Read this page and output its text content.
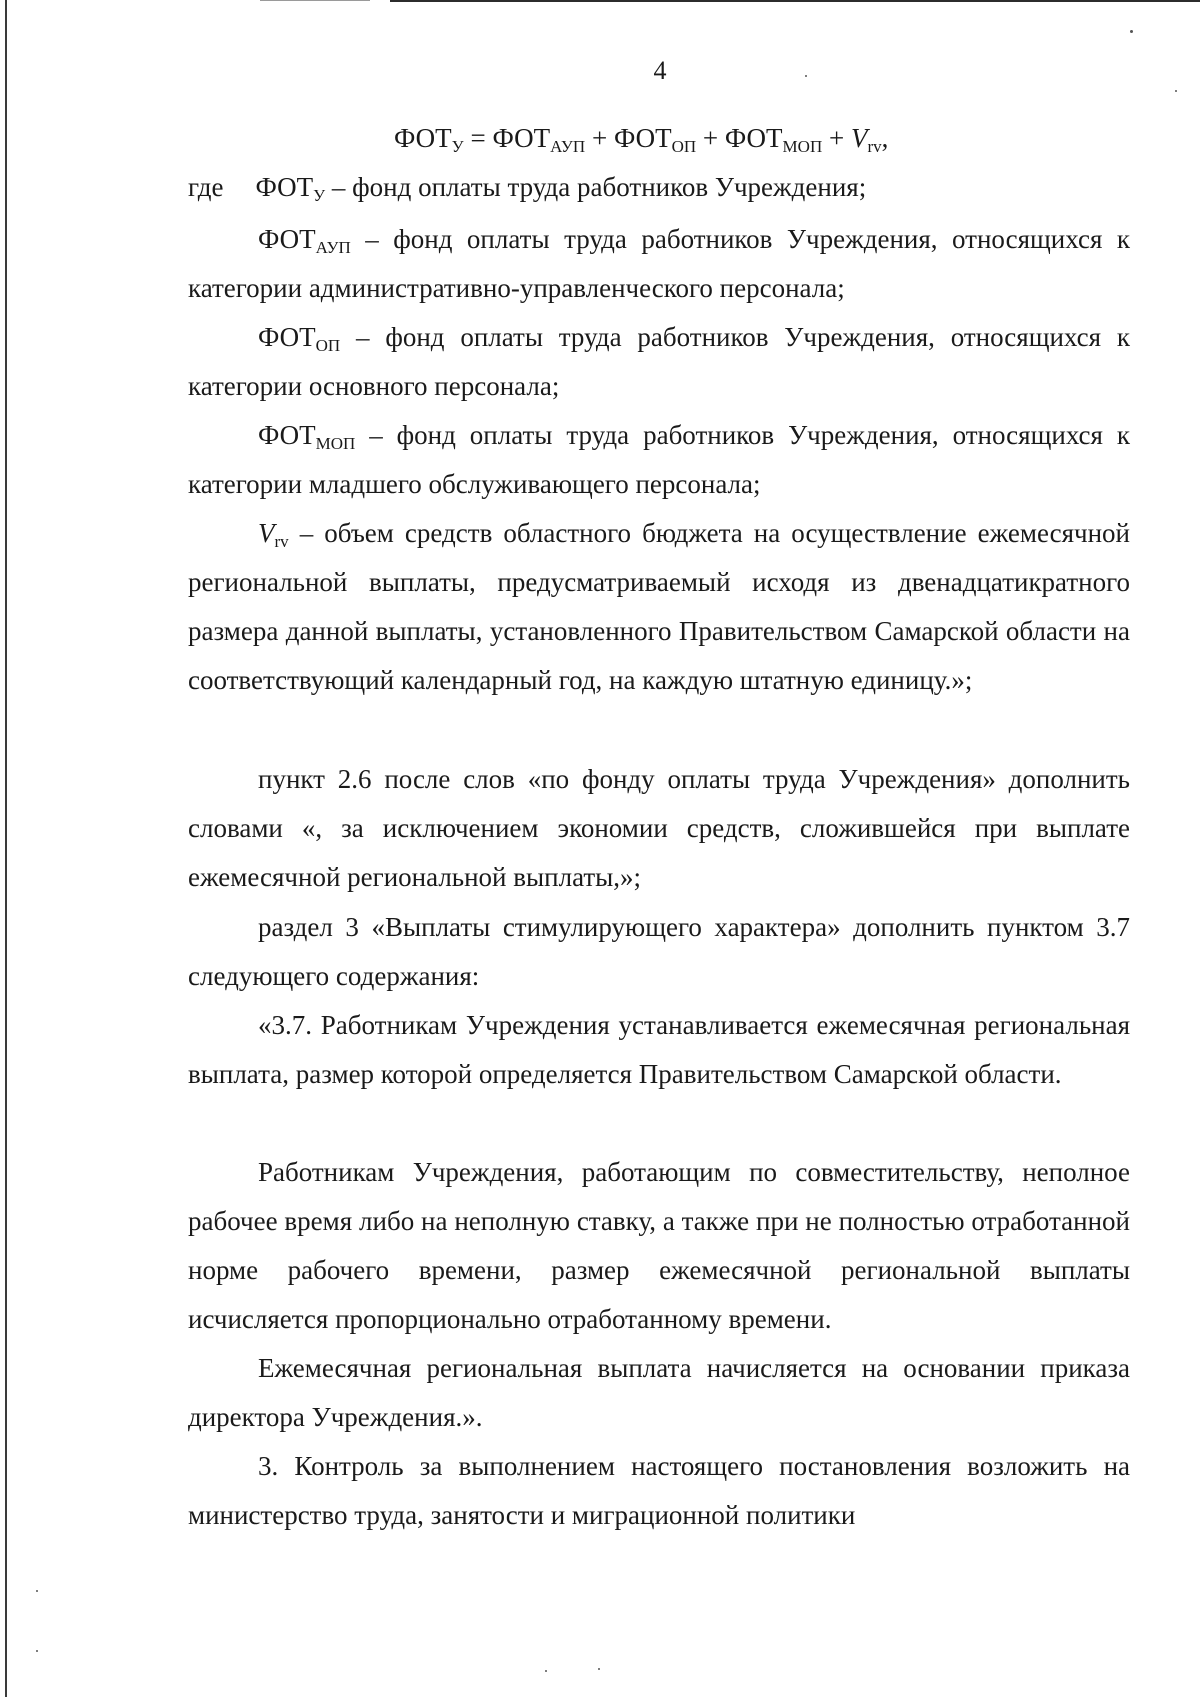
4
$ФОТ_У = ФОТ_{АУП} + ФОТ_{ОП} + ФОТ_{МОП} + V_{rv}$,
где $ФОТ_У$ – фонд оплаты труда работников Учреждения;
$ФОТ_{АУП}$ – фонд оплаты труда работников Учреждения, относящихся к категории административно-управленческого персонала;
$ФОТ_{ОП}$ – фонд оплаты труда работников Учреждения, относящихся к категории основного персонала;
$ФОТ_{МОП}$ – фонд оплаты труда работников Учреждения, относящихся к категории младшего обслуживающего персонала;
$V_{rv}$ – объем средств областного бюджета на осуществление ежемесячной региональной выплаты, предусматриваемый исходя из двенадцатикратного размера данной выплаты, установленного Правительством Самарской области на соответствующий календарный год, на каждую штатную единицу.»;
пункт 2.6 после слов «по фонду оплаты труда Учреждения» дополнить словами «, за исключением экономии средств, сложившейся при выплате ежемесячной региональной выплаты,»;
раздел 3 «Выплаты стимулирующего характера» дополнить пунктом 3.7 следующего содержания:
«3.7. Работникам Учреждения устанавливается ежемесячная региональная выплата, размер которой определяется Правительством Самарской области.
Работникам Учреждения, работающим по совместительству, неполное рабочее время либо на неполную ставку, а также при не полностью отработанной норме рабочего времени, размер ежемесячной региональной выплаты исчисляется пропорционально отработанному времени.
Ежемесячная региональная выплата начисляется на основании приказа директора Учреждения.».
3. Контроль за выполнением настоящего постановления возложить на министерство труда, занятости и миграционной политики
